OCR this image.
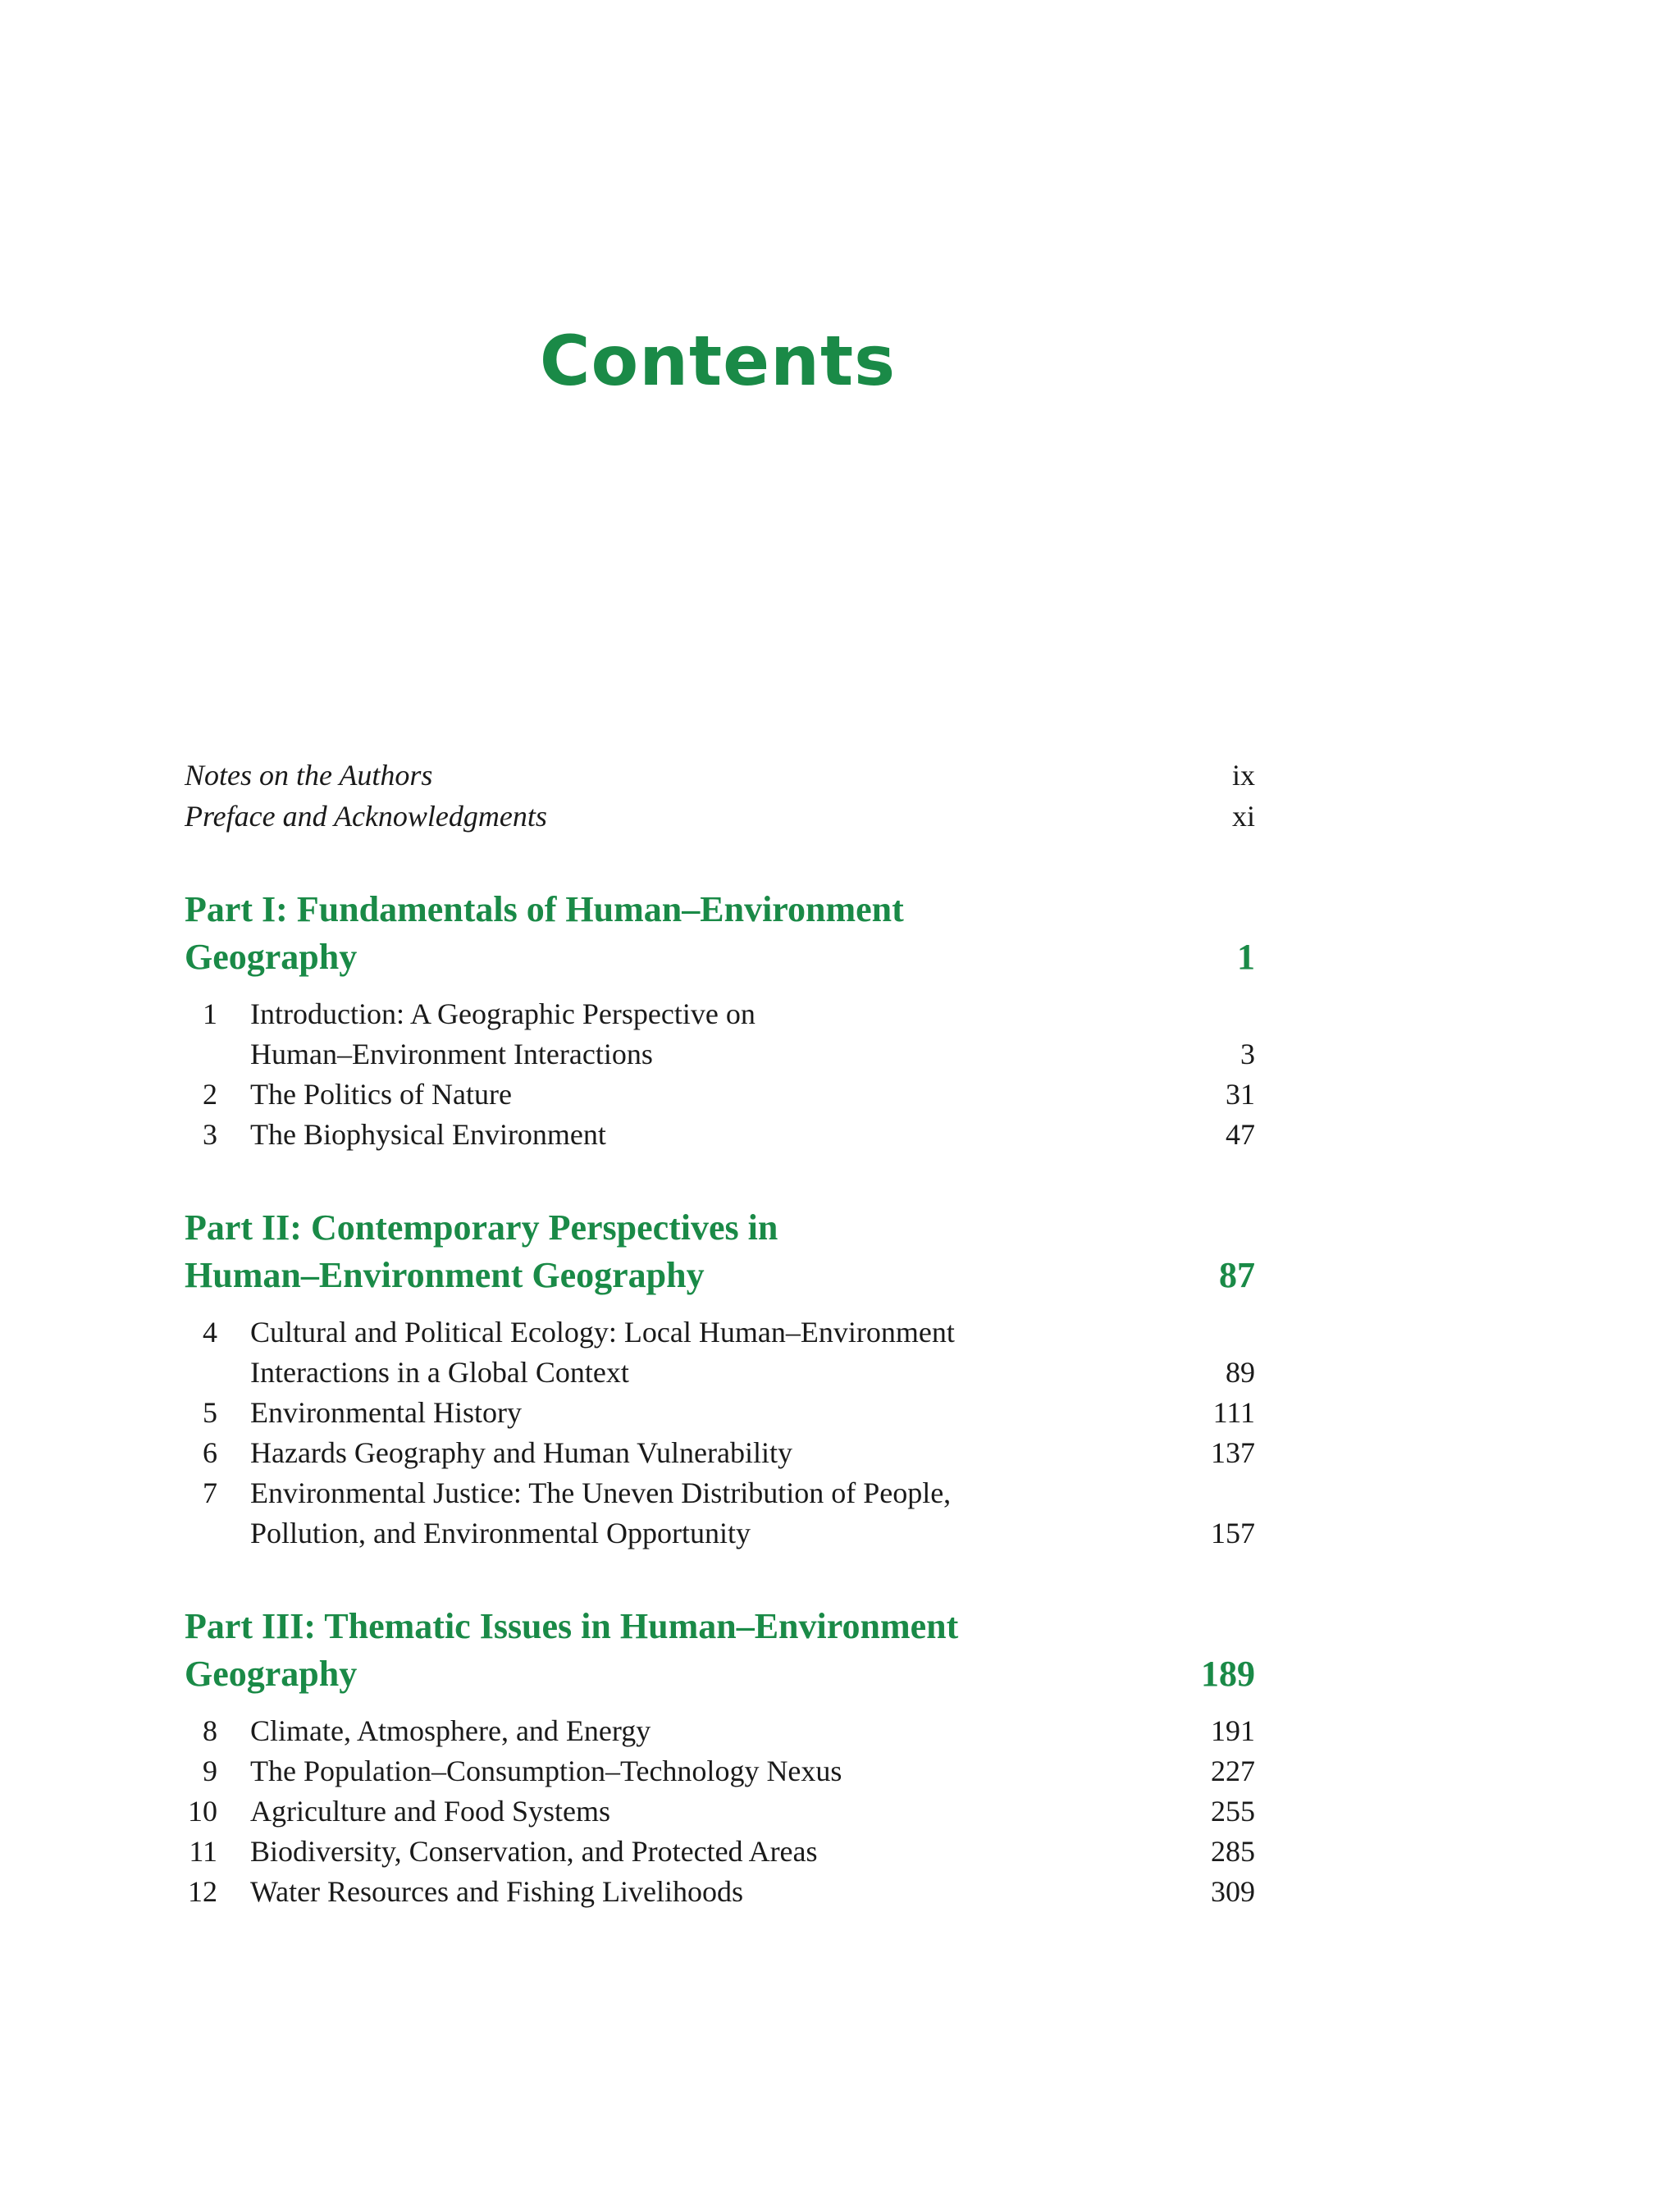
Contents
Notes on the Authors	ix
Preface and Acknowledgments	xi
Part I: Fundamentals of Human–Environment
Geography	1
1 Introduction: A Geographic Perspective on
Human–Environment Interactions	3
2 The Politics of Nature	31
3 The Biophysical Environment	47
Part II: Contemporary Perspectives in
Human–Environment Geography	87
4 Cultural and Political Ecology: Local Human–Environment
Interactions in a Global Context	89
5 Environmental History	111
6 Hazards Geography and Human Vulnerability	137
7 Environmental Justice: The Uneven Distribution of People,
Pollution, and Environmental Opportunity	157
Part III: Thematic Issues in Human–Environment
Geography	189
8 Climate, Atmosphere, and Energy	191
9 The Population–Consumption–Technology Nexus	227
10 Agriculture and Food Systems	255
11 Biodiversity, Conservation, and Protected Areas	285
12 Water Resources and Fishing Livelihoods	309
